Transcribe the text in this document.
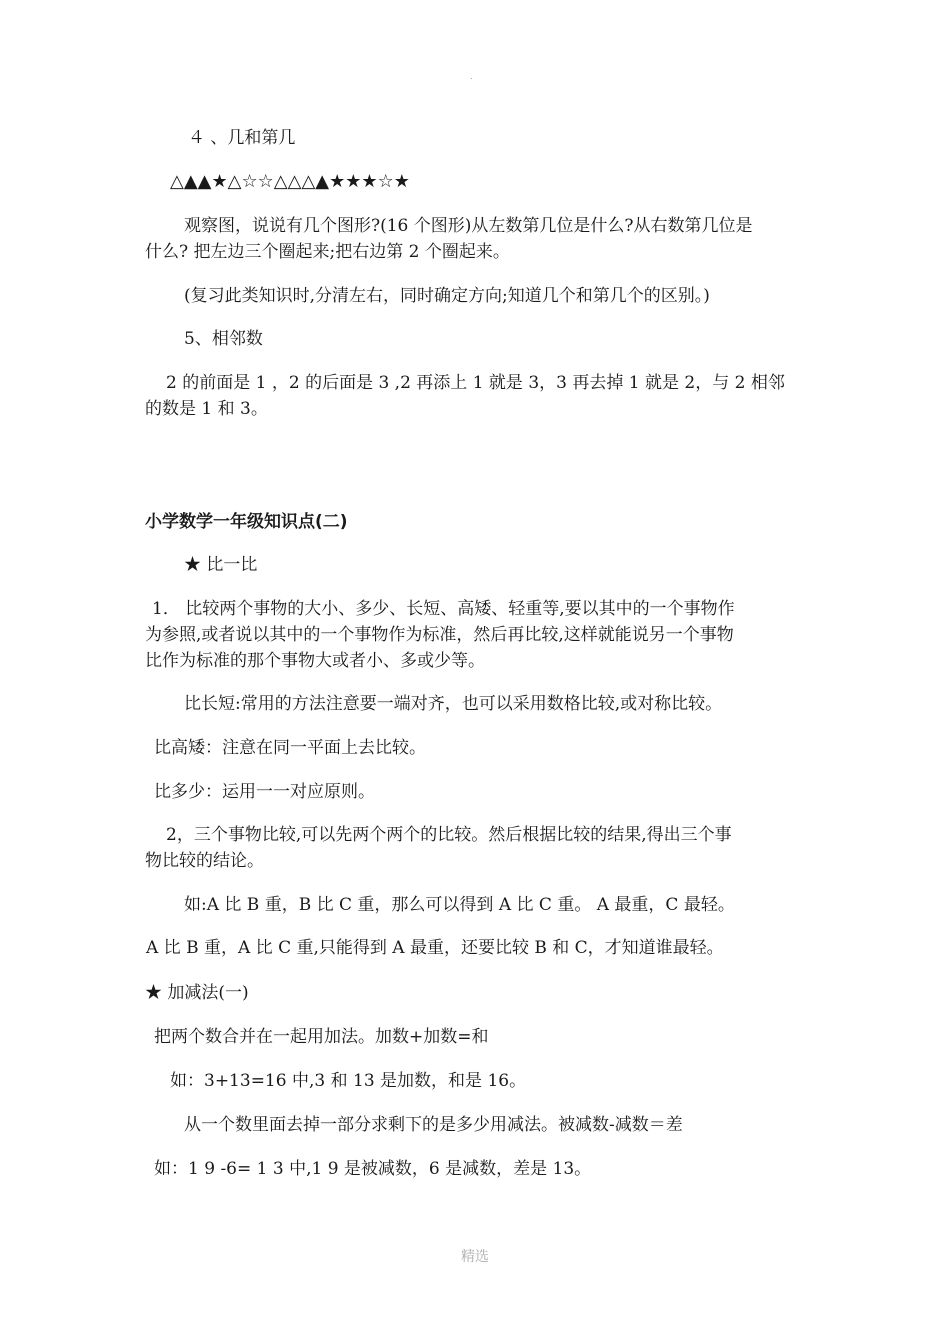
.
４ 、几和第几
△▲▲★△☆☆△△△▲★★★☆★
观察图，说说有几个图形?(16 个图形)从左数第几位是什么?从右数第几位是
什么? 把左边三个圈起来;把右边第 2 个圈起来。
(复习此类知识时,分清左右，同时确定方向;知道几个和第几个的区别。)
5、相邻数
2 的前面是 1 ，2 的后面是 3 ,2 再添上 1 就是 3，3 再去掉 1 就是 2，与 2 相邻
的数是 1 和 3。
小学数学一年级知识点(二)
★ 比一比
1． 比较两个事物的大小、多少、长短、高矮、轻重等,要以其中的一个事物作
为参照,或者说以其中的一个事物作为标准，然后再比较,这样就能说另一个事物
比作为标准的那个事物大或者小、多或少等。
比长短:常用的方法注意要一端对齐，也可以采用数格比较,或对称比较。
比高矮：注意在同一平面上去比较。
比多少：运用一一对应原则。
2，三个事物比较,可以先两个两个的比较。然后根据比较的结果,得出三个事
物比较的结论。
如:A 比 B 重，B 比 C 重，那么可以得到 A 比 C 重。 A 最重，C 最轻。
A 比 B 重，A 比 C 重,只能得到 A 最重，还要比较 B 和 C，才知道谁最轻。
★ 加减法(一)
把两个数合并在一起用加法。加数+加数=和
如：3+13=16 中,3 和 13 是加数，和是 16。
从一个数里面去掉一部分求剩下的是多少用减法。被减数-减数＝差
如：1 9 -6= 1 3 中,1 9 是被减数，6 是减数，差是 13。
精选
